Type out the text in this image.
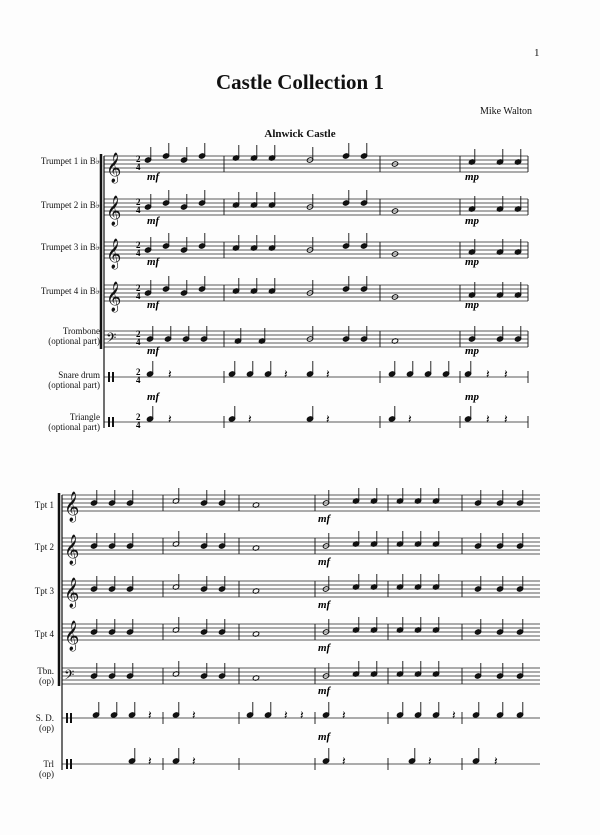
1
Castle Collection 1
Mike Walton
Alnwick Castle
Trumpet 1 in B♭
Trumpet 2 in B♭
Trumpet 3 in B♭
Trumpet 4 in B♭
Trombone
(optional part)
Snare drum
(optional part)
Triangle
(optional part)
Tpt 1
Tpt 2
Tpt 3
Tpt 4
Tbn.
(op)
S. D.
(op)
Trl
(op)
𝄞 2
4
𝄞 2
4
𝄞 2
4
𝄞 2
4
𝄢 2
4
2
4
2
4
𝄽	𝄽	𝄽	𝄽 𝄽
𝄽	𝄽	𝄽	𝄽	𝄽 𝄽
mf
mf
mf
mf
mf
mf
mp
mp
mp
mp
mp
mp
𝄞
𝄞
𝄞
𝄞
𝄢
𝄽	𝄽	𝄽 𝄽	𝄽	𝄽
𝄽	𝄽	𝄽	𝄽	𝄽
mf
mf
mf
mf
mf
mf
